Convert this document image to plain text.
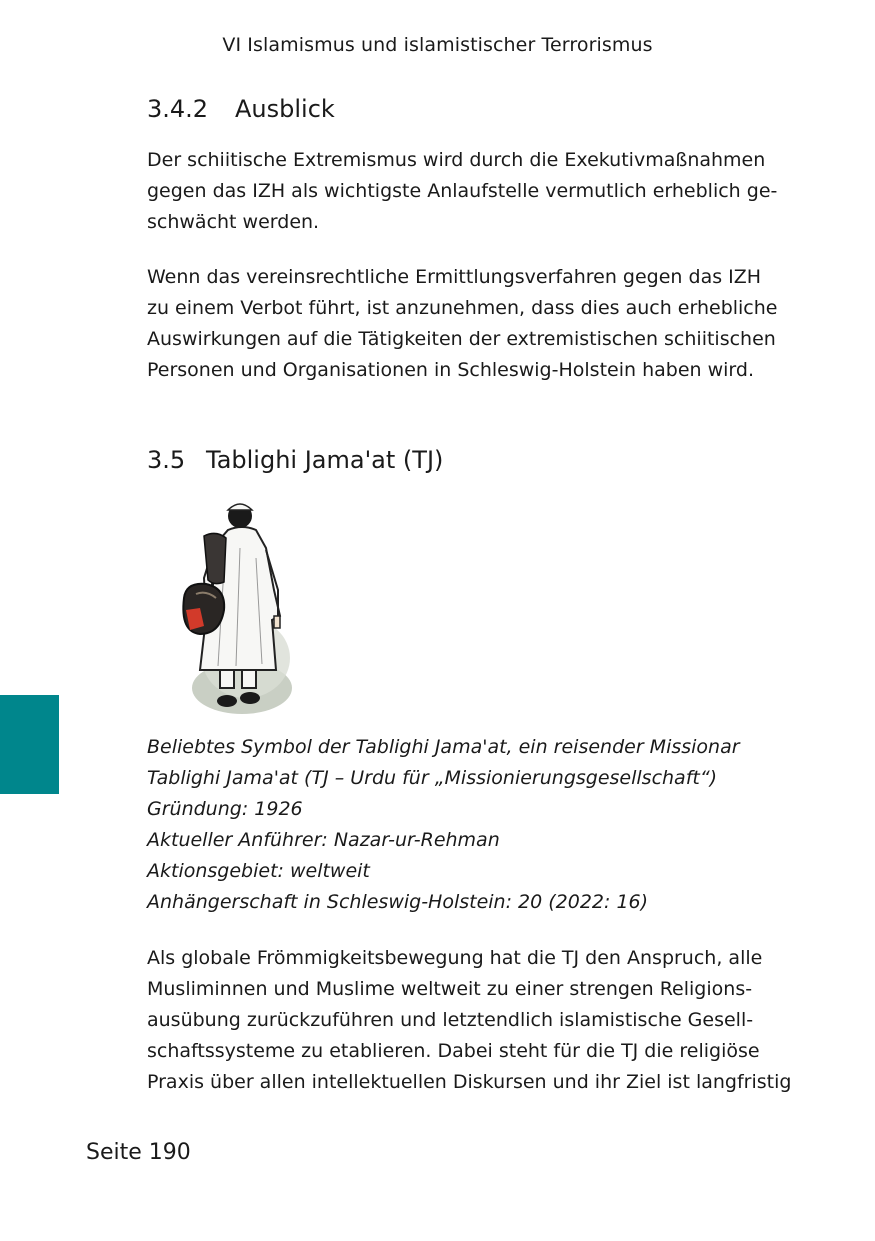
VI Islamismus und islamistischer Terrorismus
3.4.2 Ausblick

Der schiitische Extremismus wird durch die Exekutivmaßnahmen
gegen das IZH als wichtigste Anlaufstelle vermutlich erheblich ge-
schwächt werden.

Wenn das vereinsrechtliche Ermittlungsverfahren gegen das IZH
zu einem Verbot führt, ist anzunehmen, dass dies auch erhebliche
Auswirkungen auf die Tätigkeiten der extremistischen schiitischen
Personen und Organisationen in Schleswig-Holstein haben wird.

3.5 Tablighi Jama'at (TJ)

Beliebtes Symbol der Tablighi Jama'at, ein reisender Missionar
Tablighi Jama'at (TJ – Urdu für „Missionierungsgesellschaft“)
Gründung: 1926
Aktueller Anführer: Nazar-ur-Rehman
Aktionsgebiet: weltweit
Anhängerschaft in Schleswig-Holstein: 20 (2022: 16)

Als globale Frömmigkeitsbewegung hat die TJ den Anspruch, alle
Musliminnen und Muslime weltweit zu einer strengen Religions-
ausübung zurückzuführen und letztendlich islamistische Gesell-
schaftssysteme zu etablieren. Dabei steht für die TJ die religiöse
Praxis über allen intellektuellen Diskursen und ihr Ziel ist langfristig

Seite 190
